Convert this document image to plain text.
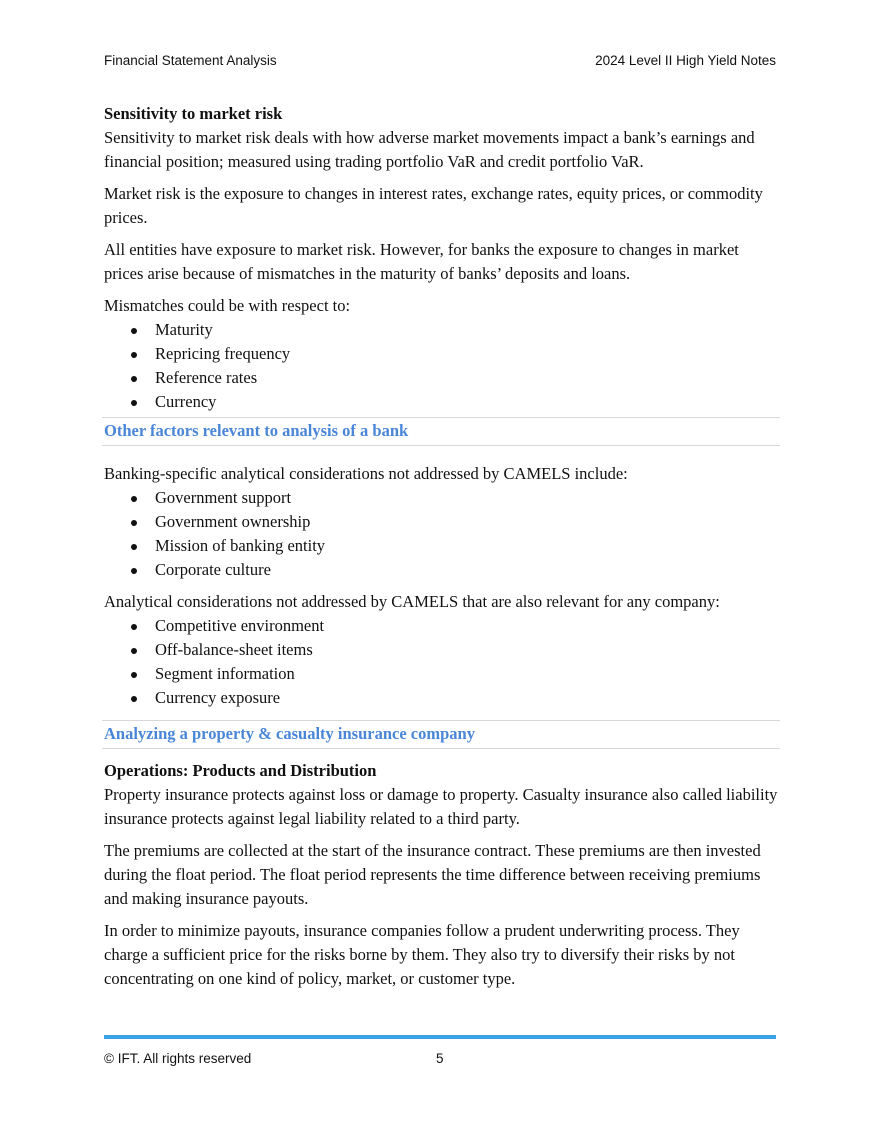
Financial Statement Analysis	2024 Level II High Yield Notes
Sensitivity to market risk

Sensitivity to market risk deals with how adverse market movements impact a bank’s earnings and financial position; measured using trading portfolio VaR and credit portfolio VaR.

Market risk is the exposure to changes in interest rates, exchange rates, equity prices, or commodity prices.

All entities have exposure to market risk. However, for banks the exposure to changes in market prices arise because of mismatches in the maturity of banks’ deposits and loans.

Mismatches could be with respect to:

Maturity
Repricing frequency
Reference rates
Currency
Other factors relevant to analysis of a bank

Banking-specific analytical considerations not addressed by CAMELS include:

Government support
Government ownership
Mission of banking entity
Corporate culture

Analytical considerations not addressed by CAMELS that are also relevant for any company:

Competitive environment
Off-balance-sheet items
Segment information
Currency exposure
Analyzing a property & casualty insurance company
Operations: Products and Distribution

Property insurance protects against loss or damage to property. Casualty insurance also called liability insurance protects against legal liability related to a third party.

The premiums are collected at the start of the insurance contract. These premiums are then invested during the float period. The float period represents the time difference between receiving premiums and making insurance payouts.

In order to minimize payouts, insurance companies follow a prudent underwriting process. They charge a sufficient price for the risks borne by them. They also try to diversify their risks by not concentrating on one kind of policy, market, or customer type.

© IFT. All rights reserved	5
